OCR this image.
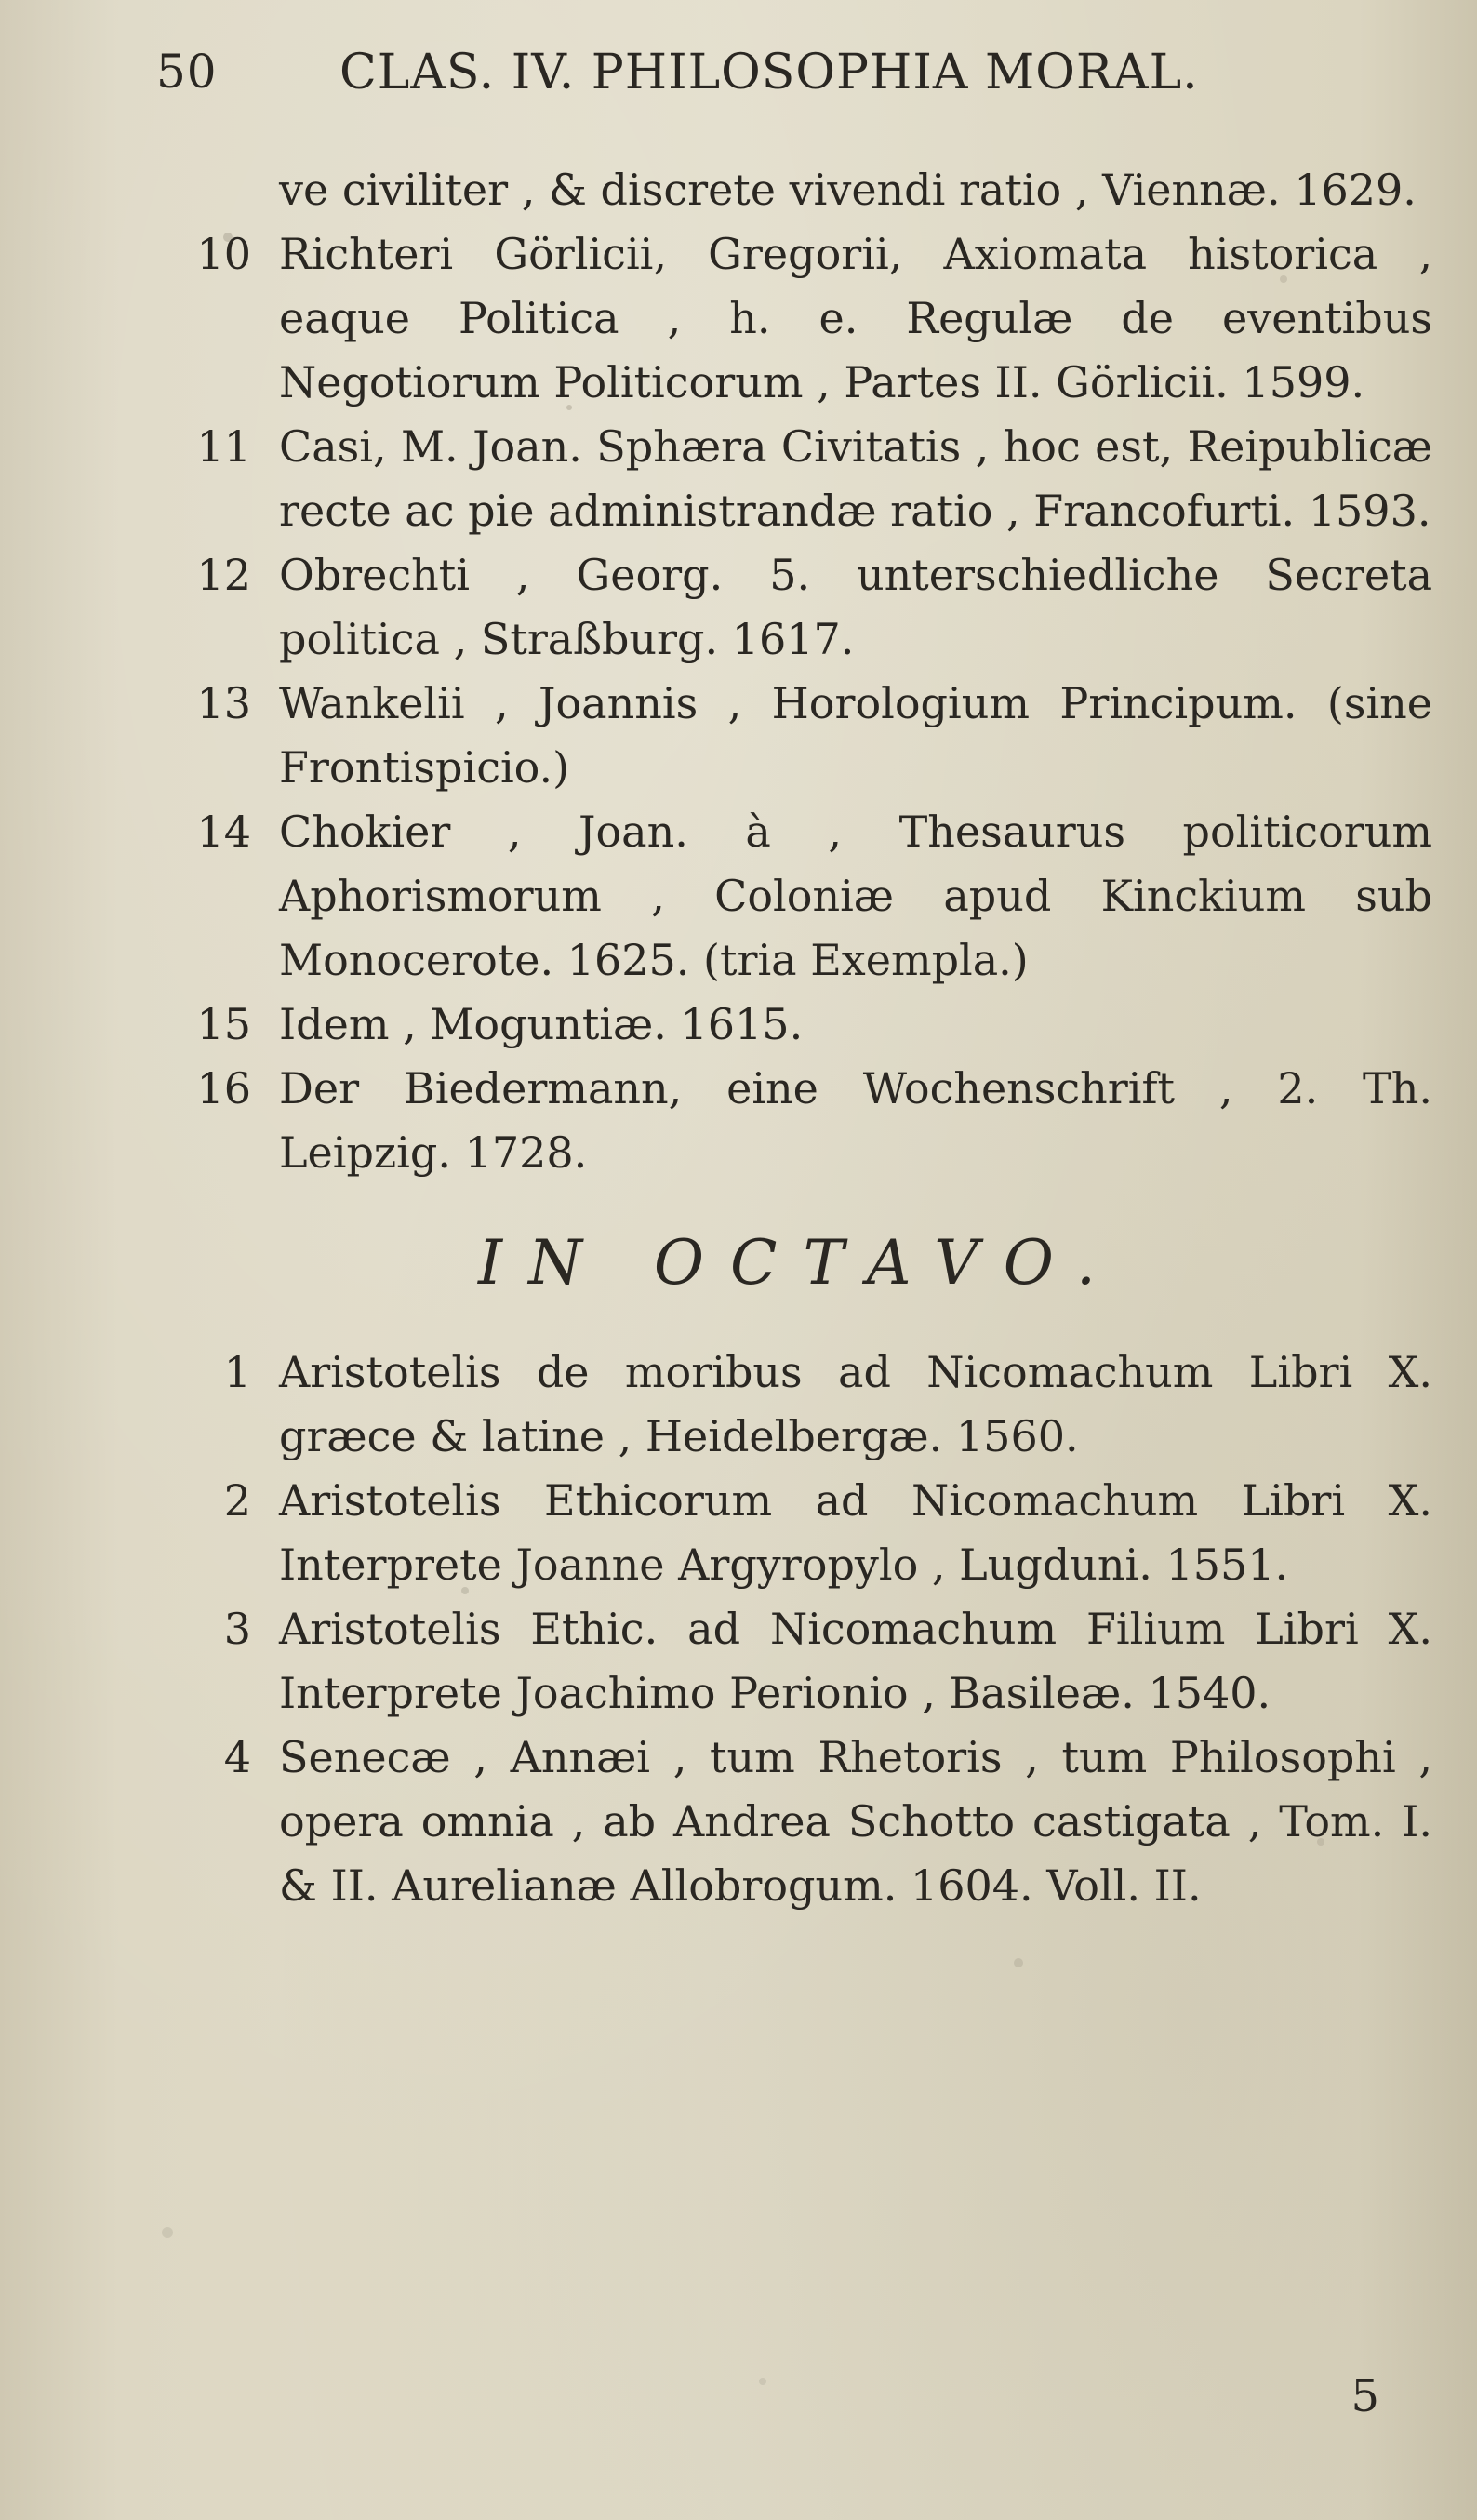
50	CLAS. IV. PHILOSOPHIA MORAL.
ve civiliter , & discrete vivendi ratio , Viennæ. 1629.
10 Richteri Görlicii, Gregorii, Axiomata historica , eaque Politica , h. e. Regulæ de eventibus Negotiorum Politicorum , Partes II. Görlicii. 1599.
11 Casi, M. Joan. Sphæra Civitatis , hoc est, Reipublicæ recte ac pie administrandæ ratio , Francofurti. 1593.
12 Obrechti , Georg. 5. unterschiedliche Secreta politica , Straßburg. 1617.
13 Wankelii , Joannis , Horologium Principum. (sine Frontispicio.)
14 Chokier , Joan. à , Thesaurus politicorum Aphorismorum , Coloniæ apud Kinckium sub Monocerote. 1625. (tria Exempla.)
15 Idem , Moguntiæ. 1615.
16 Der Biedermann, eine Wochenschrift , 2. Th. Leipzig. 1728.
IN OCTAVO.
1 Aristotelis de moribus ad Nicomachum Libri X. græce & latine , Heidelbergæ. 1560.
2 Aristotelis Ethicorum ad Nicomachum Libri X. Interprete Joanne Argyropylo , Lugduni. 1551.
3 Aristotelis Ethic. ad Nicomachum Filium Libri X. Interprete Joachimo Perionio , Basileæ. 1540.
4 Senecæ , Annæi , tum Rhetoris , tum Philosophi , opera omnia , ab Andrea Schotto castigata , Tom. I. & II. Aurelianæ Allobrogum. 1604. Voll. II.
5
